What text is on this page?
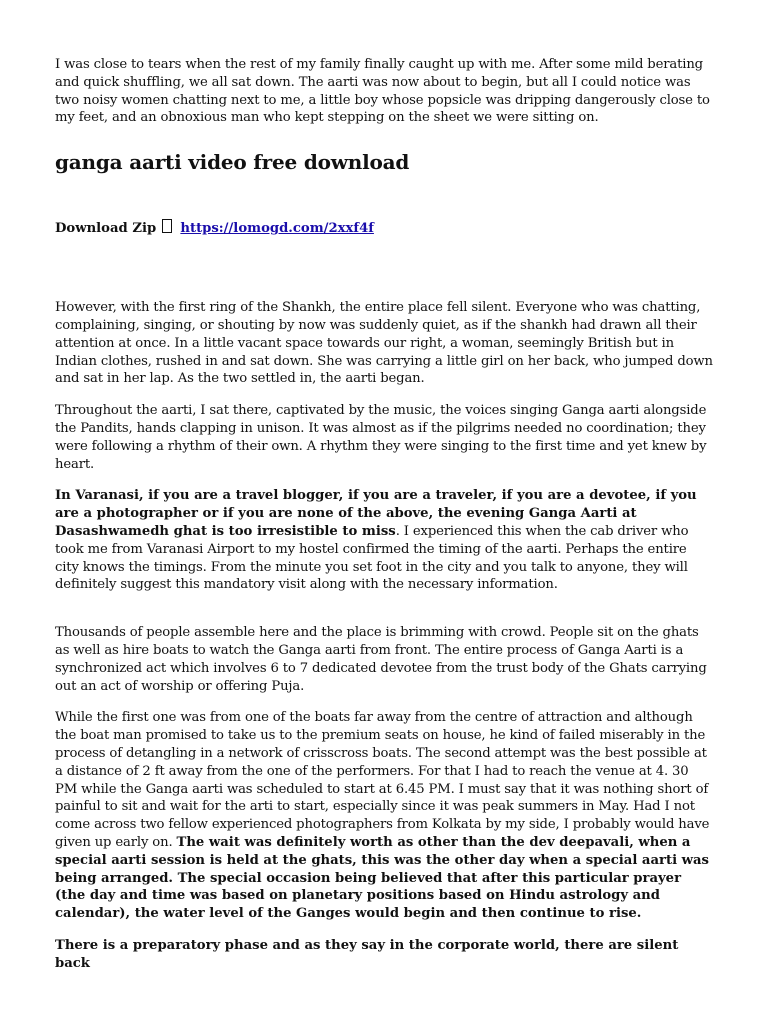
I was close to tears when the rest of my family finally caught up with me. After some mild berating and quick shuffling, we all sat down. The aarti was now about to begin, but all I could notice was two noisy women chatting next to me, a little boy whose popsicle was dripping dangerously close to my feet, and an obnoxious man who kept stepping on the sheet we were sitting on.

ganga aarti video free download
Download Zip https://lomogd.com/2xxf4f

However, with the first ring of the Shankh, the entire place fell silent. Everyone who was chatting, complaining, singing, or shouting by now was suddenly quiet, as if the shankh had drawn all their attention at once. In a little vacant space towards our right, a woman, seemingly British but in Indian clothes, rushed in and sat down. She was carrying a little girl on her back, who jumped down and sat in her lap. As the two settled in, the aarti began.

Throughout the aarti, I sat there, captivated by the music, the voices singing Ganga aarti alongside the Pandits, hands clapping in unison. It was almost as if the pilgrims needed no coordination; they were following a rhythm of their own. A rhythm they were singing to the first time and yet knew by heart.

In Varanasi, if you are a travel blogger, if you are a traveler, if you are a devotee, if you are a photographer or if you are none of the above, the evening Ganga Aarti at Dasashwamedh ghat is too irresistible to miss. I experienced this when the cab driver who took me from Varanasi Airport to my hostel confirmed the timing of the aarti. Perhaps the entire city knows the timings. From the minute you set foot in the city and you talk to anyone, they will definitely suggest this mandatory visit along with the necessary information.

Thousands of people assemble here and the place is brimming with crowd. People sit on the ghats as well as hire boats to watch the Ganga aarti from front. The entire process of Ganga Aarti is a synchronized act which involves 6 to 7 dedicated devotee from the trust body of the Ghats carrying out an act of worship or offering Puja.

While the first one was from one of the boats far away from the centre of attraction and although the boat man promised to take us to the premium seats on house, he kind of failed miserably in the process of detangling in a network of crisscross boats. The second attempt was the best possible at a distance of 2 ft away from the one of the performers. For that I had to reach the venue at 4. 30 PM while the Ganga aarti was scheduled to start at 6.45 PM. I must say that it was nothing short of painful to sit and wait for the arti to start, especially since it was peak summers in May. Had I not come across two fellow experienced photographers from Kolkata by my side, I probably would have given up early on. The wait was definitely worth as other than the dev deepavali, when a special aarti session is held at the ghats, this was the other day when a special aarti was being arranged. The special occasion being believed that after this particular prayer (the day and time was based on planetary positions based on Hindu astrology and calendar), the water level of the Ganges would begin and then continue to rise.

There is a preparatory phase and as they say in the corporate world, there are silent back
